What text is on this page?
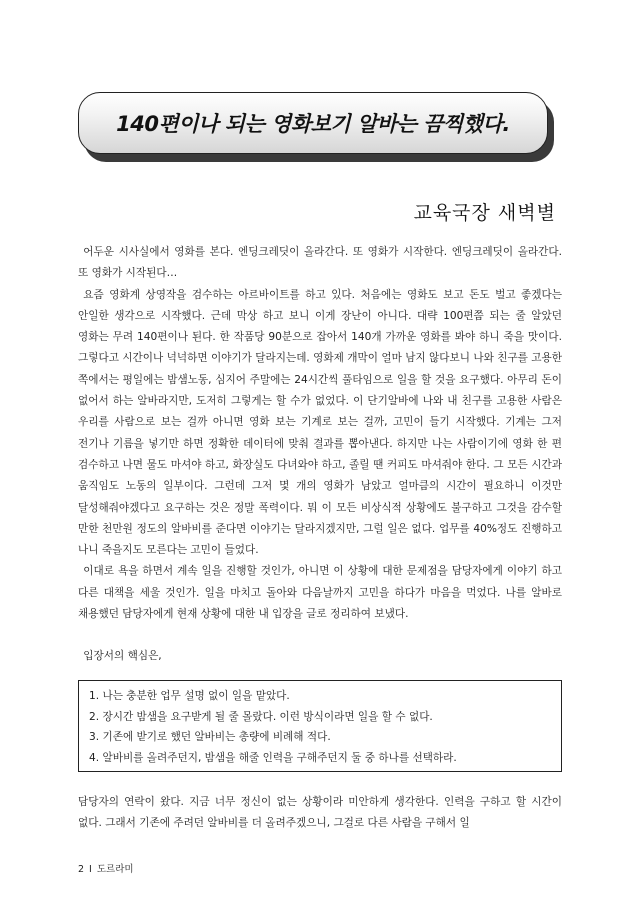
140편이나 되는 영화보기 알바는 끔찍했다.
교육국장 새벽별

어두운 시사실에서 영화를 본다. 엔딩크레딧이 올라간다. 또 영화가 시작한다. 엔딩크레딧이 올라간다. 또 영화가 시작된다…

요즘 영화계 상영작을 검수하는 아르바이트를 하고 있다. 처음에는 영화도 보고 돈도 벌고 좋겠다는 안일한 생각으로 시작했다. 근데 막상 하고 보니 이게 장난이 아니다. 대략 100편쯤 되는 줄 알았던 영화는 무려 140편이나 된다. 한 작품당 90분으로 잡아서 140개 가까운 영화를 봐야 하니 죽을 맛이다. 그렇다고 시간이나 넉넉하면 이야기가 달라지는데. 영화제 개막이 얼마 남지 않다보니 나와 친구를 고용한 쪽에서는 평일에는 밤샘노동, 심지어 주말에는 24시간씩 풀타임으로 일을 할 것을 요구했다. 아무리 돈이 없어서 하는 알바라지만, 도저히 그렇게는 할 수가 없었다. 이 단기알바에 나와 내 친구를 고용한 사람은 우리를 사람으로 보는 걸까 아니면 영화 보는 기계로 보는 걸까, 고민이 들기 시작했다. 기계는 그저 전기나 기름을 넣기만 하면 정확한 데이터에 맞춰 결과를 뽑아낸다. 하지만 나는 사람이기에 영화 한 편 검수하고 나면 물도 마셔야 하고, 화장실도 다녀와야 하고, 졸릴 땐 커피도 마셔줘야 한다. 그 모든 시간과 움직임도 노동의 일부이다. 그런데 그저 몇 개의 영화가 남았고 얼마큼의 시간이 필요하니 이것만 달성해줘야겠다고 요구하는 것은 정말 폭력이다. 뭐 이 모든 비상식적 상황에도 불구하고 그것을 감수할 만한 천만원 정도의 알바비를 준다면 이야기는 달라지겠지만, 그럴 일은 없다. 업무를 40%정도 진행하고 나니 죽을지도 모른다는 고민이 들었다.

이대로 욕을 하면서 계속 일을 진행할 것인가, 아니면 이 상황에 대한 문제점을 담당자에게 이야기 하고 다른 대책을 세울 것인가. 일을 마치고 돌아와 다음날까지 고민을 하다가 마음을 먹었다. 나를 알바로 채용했던 담당자에게 현재 상황에 대한 내 입장을 글로 정리하여 보냈다.

입장서의 핵심은,

1. 나는 충분한 업무 설명 없이 일을 맡았다.
2. 장시간 밤샘을 요구받게 될 줄 몰랐다. 이런 방식이라면 일을 할 수 없다.
3. 기존에 받기로 했던 알바비는 총량에 비례해 적다.
4. 알바비를 올려주던지, 밤샘을 해줄 인력을 구해주던지 둘 중 하나를 선택하라.

담당자의 연락이 왔다. 지금 너무 정신이 없는 상황이라 미안하게 생각한다. 인력을 구하고 할 시간이 없다. 그래서 기존에 주려던 알바비를 더 올려주겠으니, 그걸로 다른 사람을 구해서 일

2 I 도르라미
